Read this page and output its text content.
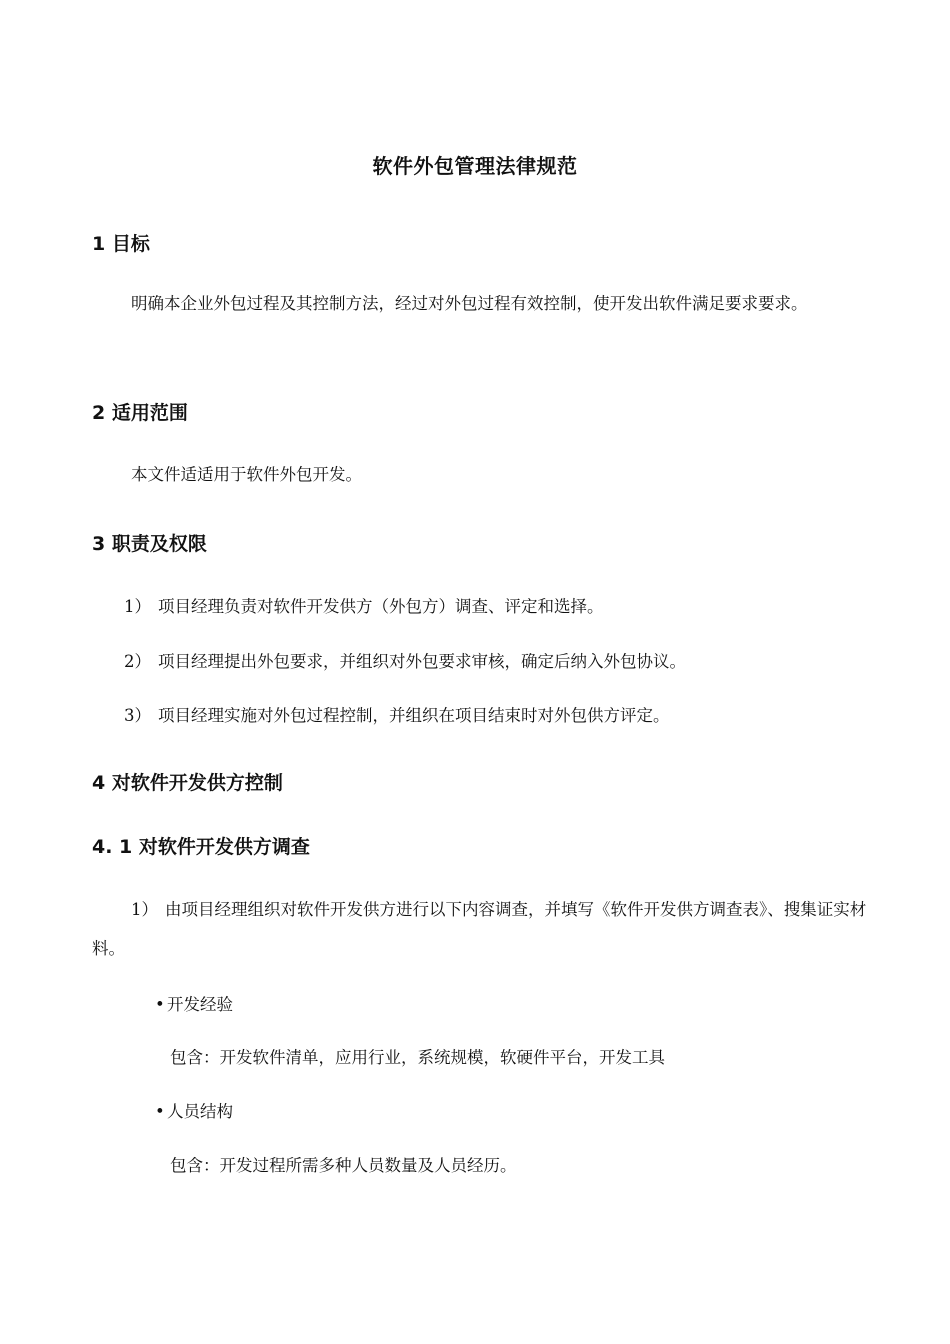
软件外包管理法律规范
1 目标
明确本企业外包过程及其控制方法，经过对外包过程有效控制，使开发出软件满足要求要求。
2 适用范围
本文件适适用于软件外包开发。
3 职责及权限
1） 项目经理负责对软件开发供方（外包方）调查、评定和选择。
2） 项目经理提出外包要求，并组织对外包要求审核，确定后纳入外包协议。
3） 项目经理实施对外包过程控制，并组织在项目结束时对外包供方评定。
4 对软件开发供方控制
4. 1 对软件开发供方调查
1） 由项目经理组织对软件开发供方进行以下内容调查，并填写《软件开发供方调查表》、搜集证实材料。
• 开发经验
包含：开发软件清单，应用行业，系统规模，软硬件平台，开发工具
• 人员结构
包含：开发过程所需多种人员数量及人员经历。
